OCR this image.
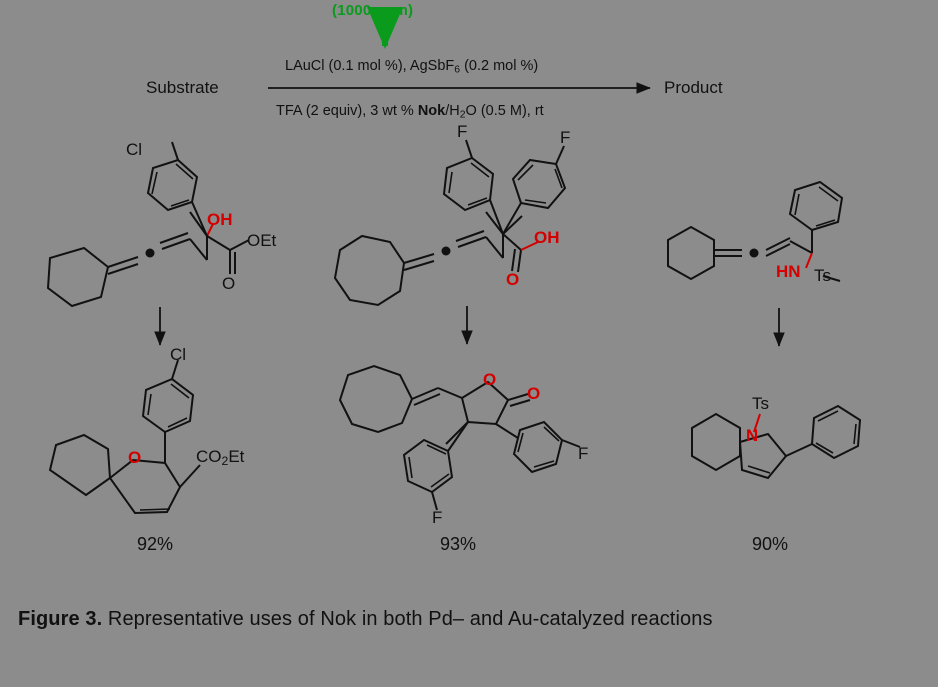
Cl
OH
OEt
O
Cl
O	$CO_2Et$
F	F
OH
O
O
O
F
F
HN Ts
Ts
N
(1000 ppm)
Substrate	Product
LAuCl (0.1 mol %), AgSbF$_6$ (0.2 mol %)
TFA (2 equiv), 3 wt % Nok/$H_2O$ (0.5 M), rt
92%	93%	90%
Figure 3. Representative uses of Nok in both Pd– and Au-catalyzed reactions
